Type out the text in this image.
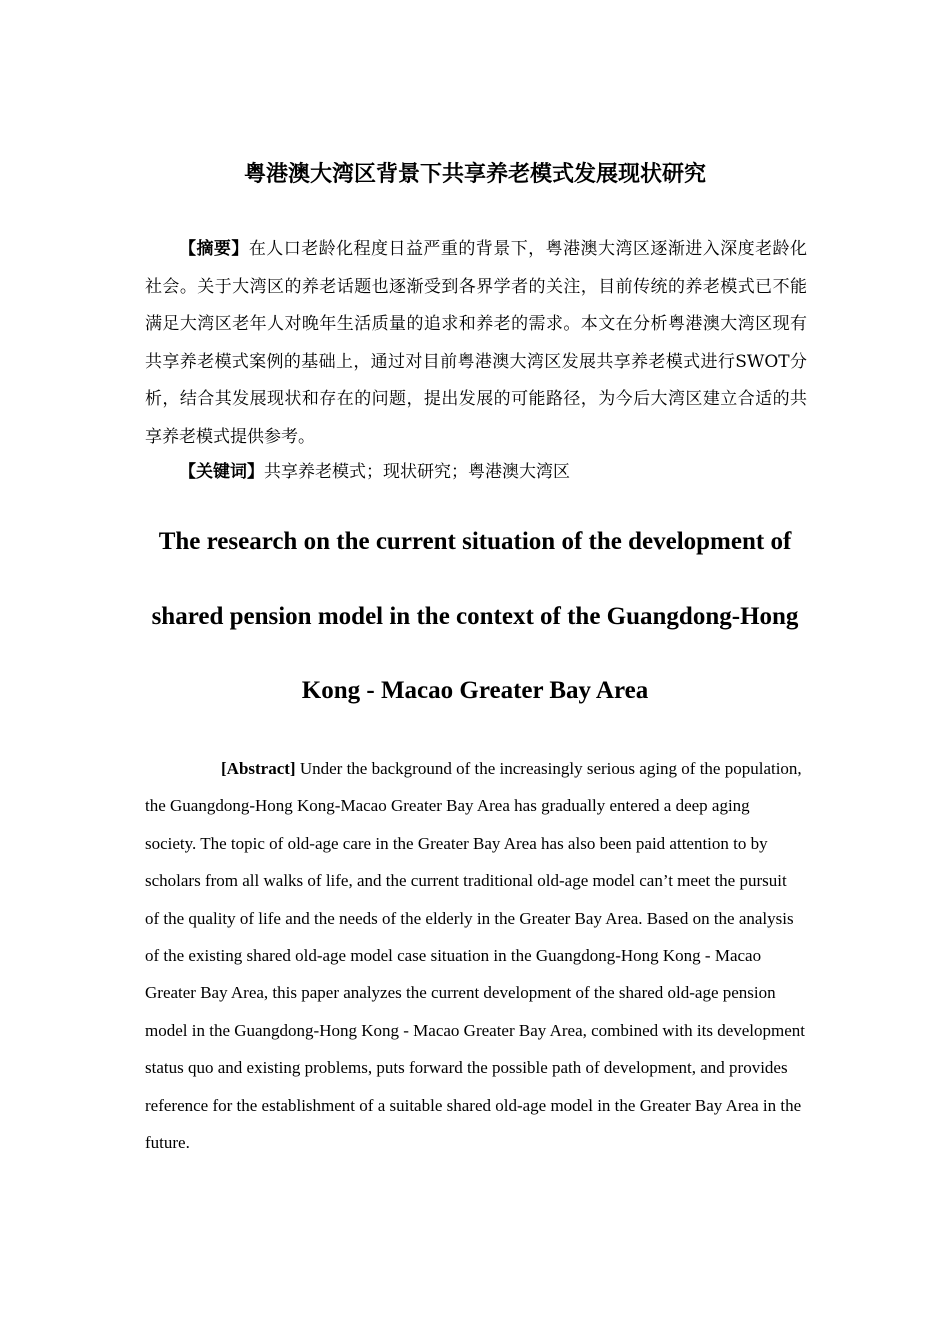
粤港澳大湾区背景下共享养老模式发展现状研究

【摘要】在人口老龄化程度日益严重的背景下，粤港澳大湾区逐渐进入深度老龄化社会。关于大湾区的养老话题也逐渐受到各界学者的关注，目前传统的养老模式已不能满足大湾区老年人对晚年生活质量的追求和养老的需求。本文在分析粤港澳大湾区现有共享养老模式案例的基础上，通过对目前粤港澳大湾区发展共享养老模式进行SWOT分析，结合其发展现状和存在的问题，提出发展的可能路径，为今后大湾区建立合适的共享养老模式提供参考。

【关键词】共享养老模式；现状研究；粤港澳大湾区

The research on the current situation of the development of shared pension model in the context of the Guangdong-Hong Kong - Macao Greater Bay Area

[Abstract] Under the background of the increasingly serious aging of the population, the Guangdong-Hong Kong-Macao Greater Bay Area has gradually entered a deep aging society. The topic of old-age care in the Greater Bay Area has also been paid attention to by scholars from all walks of life, and the current traditional old-age model can’t meet the pursuit of the quality of life and the needs of the elderly in the Greater Bay Area. Based on the analysis of the existing shared old-age model case situation in the Guangdong-Hong Kong - Macao Greater Bay Area, this paper analyzes the current development of the shared old-age pension model in the Guangdong-Hong Kong - Macao Greater Bay Area, combined with its development status quo and existing problems, puts forward the possible path of development, and provides reference for the establishment of a suitable shared old-age model in the Greater Bay Area in the future.
